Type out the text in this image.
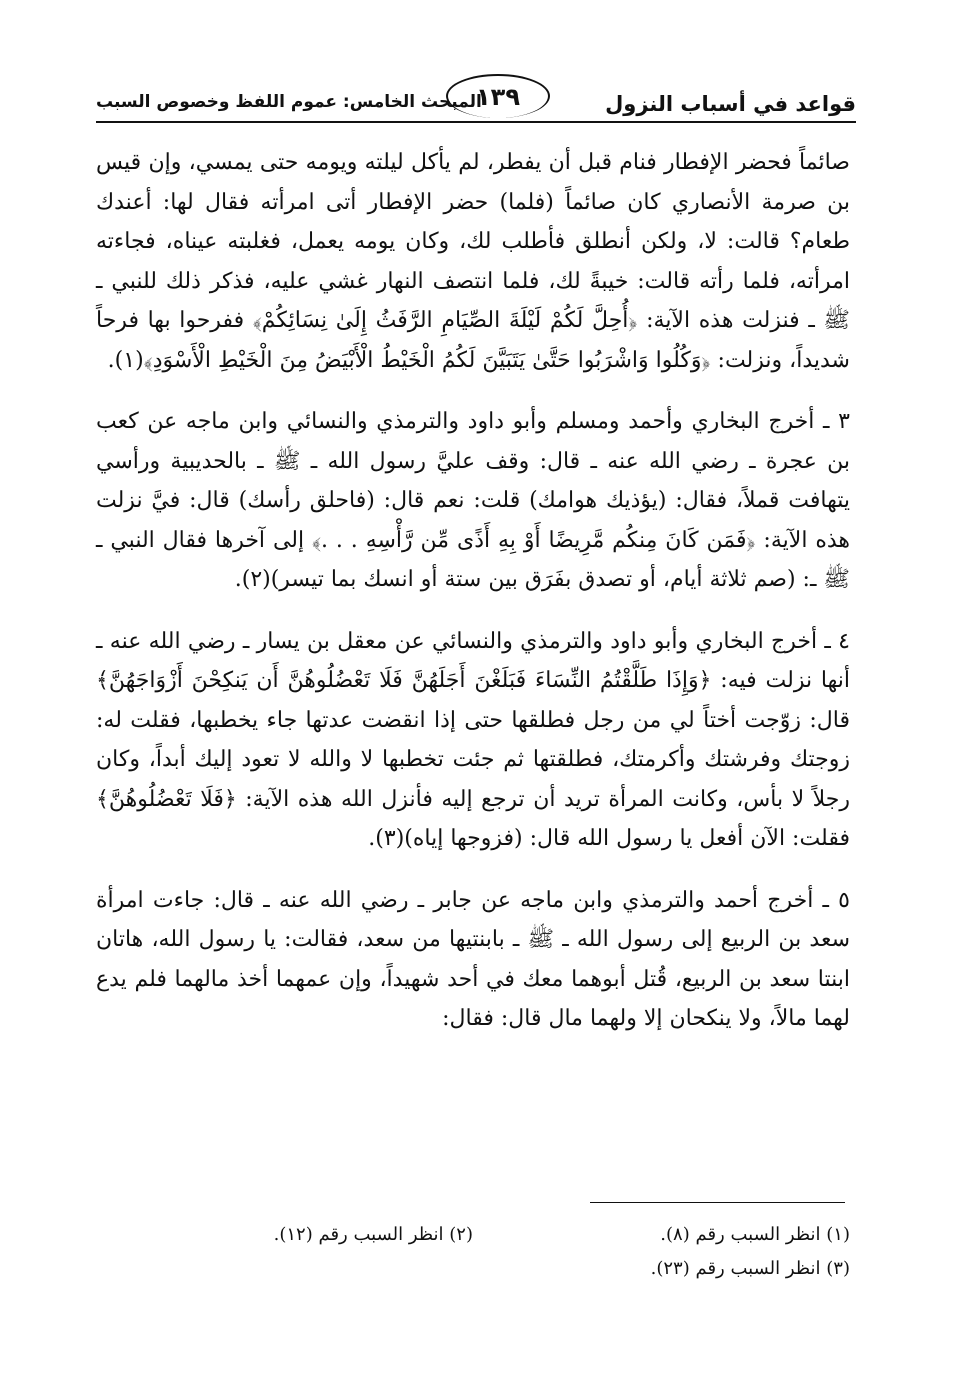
قواعد في أسباب النزول
١٣٩
المبحث الخامس: عموم اللفظ وخصوص السبب

صائماً فحضر الإفطار فنام قبل أن يفطر، لم يأكل ليلته ويومه حتى يمسي، وإن قيس بن صرمة الأنصاري كان صائماً (فلما) حضر الإفطار أتى امرأته فقال لها: أعندك طعام؟ قالت: لا، ولكن أنطلق فأطلب لك، وكان يومه يعمل، فغلبته عيناه، فجاءته امرأته، فلما رأته قالت: خيبةً لك، فلما انتصف النهار غشي عليه، فذكر ذلك للنبي ـ ﷺ ـ فنزلت هذه الآية: ﴿أُحِلَّ لَكُمْ لَيْلَةَ الصِّيَامِ الرَّفَثُ إِلَىٰ نِسَائِكُمْ﴾ ففرحوا بها فرحاً شديداً، ونزلت: ﴿وَكُلُوا وَاشْرَبُوا حَتَّىٰ يَتَبَيَّنَ لَكُمُ الْخَيْطُ الْأَبْيَضُ مِنَ الْخَيْطِ الْأَسْوَدِ﴾(١).

٣ ـ أخرج البخاري وأحمد ومسلم وأبو داود والترمذي والنسائي وابن ماجه عن كعب بن عجرة ـ رضي الله عنه ـ قال: وقف عليَّ رسول الله ـ ﷺ ـ بالحديبية ورأسي يتهافت قملاً، فقال: (يؤذيك هوامك) قلت: نعم قال: (فاحلق رأسك) قال: فيَّ نزلت هذه الآية: ﴿فَمَن كَانَ مِنكُم مَّرِيضًا أَوْ بِهِ أَذًى مِّن رَّأْسِهِ . . .﴾ إلى آخرها فقال النبي ـ ﷺ ـ: (صم ثلاثة أيام، أو تصدق بفَرَق بين ستة أو انسك بما تيسر)(٢).

٤ ـ أخرج البخاري وأبو داود والترمذي والنسائي عن معقل بن يسار ـ رضي الله عنه ـ أنها نزلت فيه: ﴿وَإِذَا طَلَّقْتُمُ النِّسَاءَ فَبَلَغْنَ أَجَلَهُنَّ فَلَا تَعْضُلُوهُنَّ أَن يَنكِحْنَ أَزْوَاجَهُنَّ﴾ قال: زوّجت أختاً لي من رجل فطلقها حتى إذا انقضت عدتها جاء يخطبها، فقلت له: زوجتك وفرشتك وأكرمتك، فطلقتها ثم جئت تخطبها لا والله لا تعود إليك أبداً، وكان رجلاً لا بأس، وكانت المرأة تريد أن ترجع إليه فأنزل الله هذه الآية: ﴿فَلَا تَعْضُلُوهُنَّ﴾ فقلت: الآن أفعل يا رسول الله قال: (فزوجها إياه)(٣).

٥ ـ أخرج أحمد والترمذي وابن ماجه عن جابر ـ رضي الله عنه ـ قال: جاءت امرأة سعد بن الربيع إلى رسول الله ـ ﷺ ـ بابنتيها من سعد، فقالت: يا رسول الله، هاتان ابنتا سعد بن الربيع، قُتل أبوهما معك في أحد شهيداً، وإن عمهما أخذ مالهما فلم يدع لهما مالاً، ولا ينكحان إلا ولهما مال قال: فقال:

(١) انظر السبب رقم (٨).
(٢) انظر السبب رقم (١٢).
(٣) انظر السبب رقم (٢٣).
